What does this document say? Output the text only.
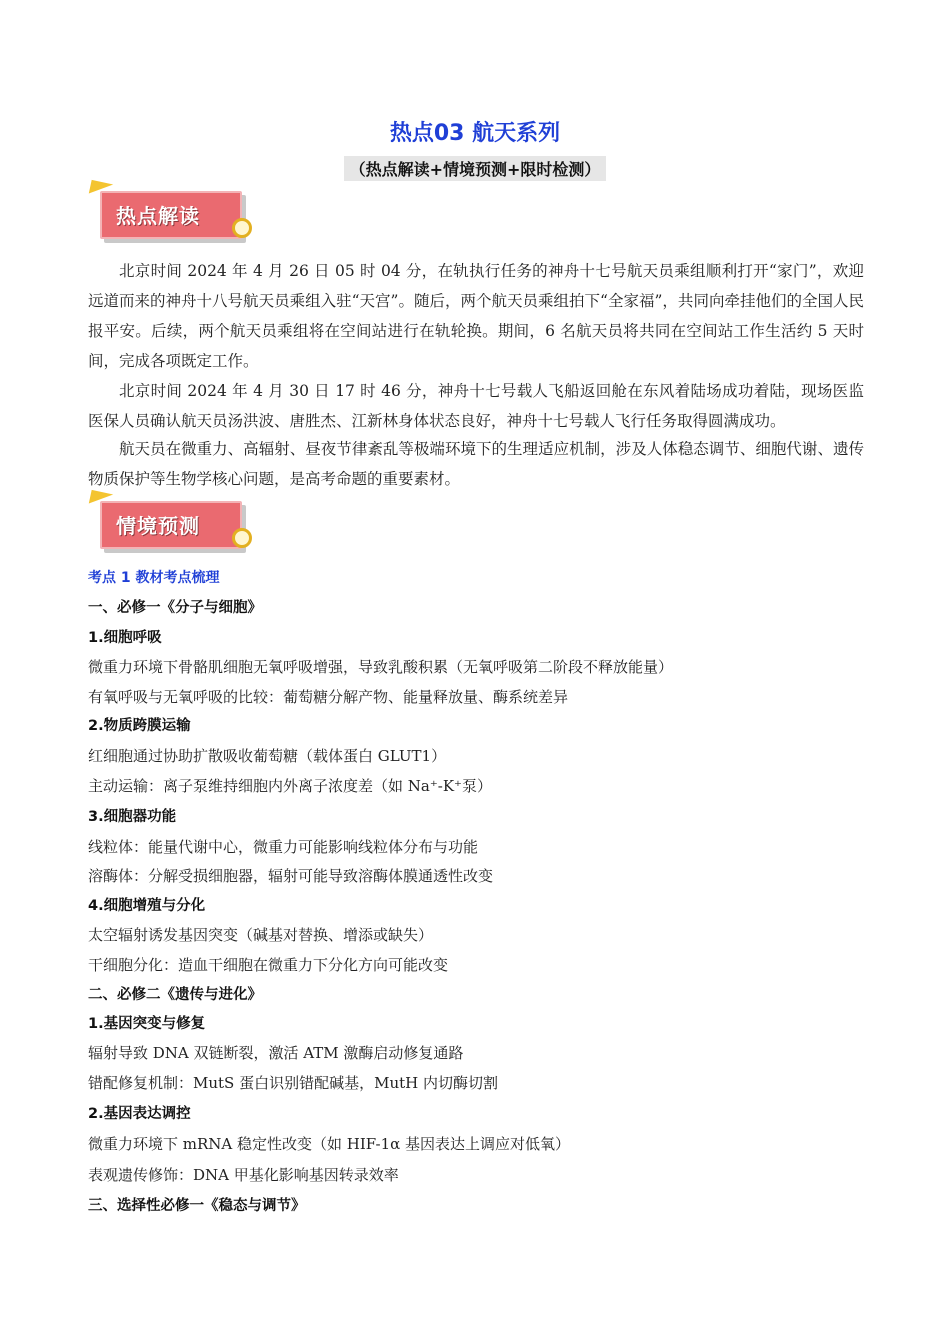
热点03 航天系列
（热点解读+情境预测+限时检测）
热点解读
北京时间 2024 年 4 月 26 日 05 时 04 分，在轨执行任务的神舟十七号航天员乘组顺利打开“家门”，欢迎远道而来的神舟十八号航天员乘组入驻“天宫”。随后，两个航天员乘组拍下“全家福”，共同向牵挂他们的全国人民报平安。后续，两个航天员乘组将在空间站进行在轨轮换。期间，6 名航天员将共同在空间站工作生活约 5 天时间，完成各项既定工作。
北京时间 2024 年 4 月 30 日 17 时 46 分，神舟十七号载人飞船返回舱在东风着陆场成功着陆，现场医监医保人员确认航天员汤洪波、唐胜杰、江新林身体状态良好，神舟十七号载人飞行任务取得圆满成功。
航天员在微重力、高辐射、昼夜节律紊乱等极端环境下的生理适应机制，涉及人体稳态调节、细胞代谢、遗传物质保护等生物学核心问题，是高考命题的重要素材。
情境预测
考点 1 教材考点梳理
一、必修一《分子与细胞》
1.细胞呼吸
微重力环境下骨骼肌细胞无氧呼吸增强，导致乳酸积累（无氧呼吸第二阶段不释放能量）
有氧呼吸与无氧呼吸的比较：葡萄糖分解产物、能量释放量、酶系统差异
2.物质跨膜运输
红细胞通过协助扩散吸收葡萄糖（载体蛋白 GLUT1）
主动运输：离子泵维持细胞内外离子浓度差（如 Na⁺-K⁺泵）
3.细胞器功能
线粒体：能量代谢中心，微重力可能影响线粒体分布与功能
溶酶体：分解受损细胞器，辐射可能导致溶酶体膜通透性改变
4.细胞增殖与分化
太空辐射诱发基因突变（碱基对替换、增添或缺失）
干细胞分化：造血干细胞在微重力下分化方向可能改变
二、必修二《遗传与进化》
1.基因突变与修复
辐射导致 DNA 双链断裂，激活 ATM 激酶启动修复通路
错配修复机制：MutS 蛋白识别错配碱基，MutH 内切酶切割
2.基因表达调控
微重力环境下 mRNA 稳定性改变（如 HIF-1α 基因表达上调应对低氧）
表观遗传修饰：DNA 甲基化影响基因转录效率
三、选择性必修一《稳态与调节》
